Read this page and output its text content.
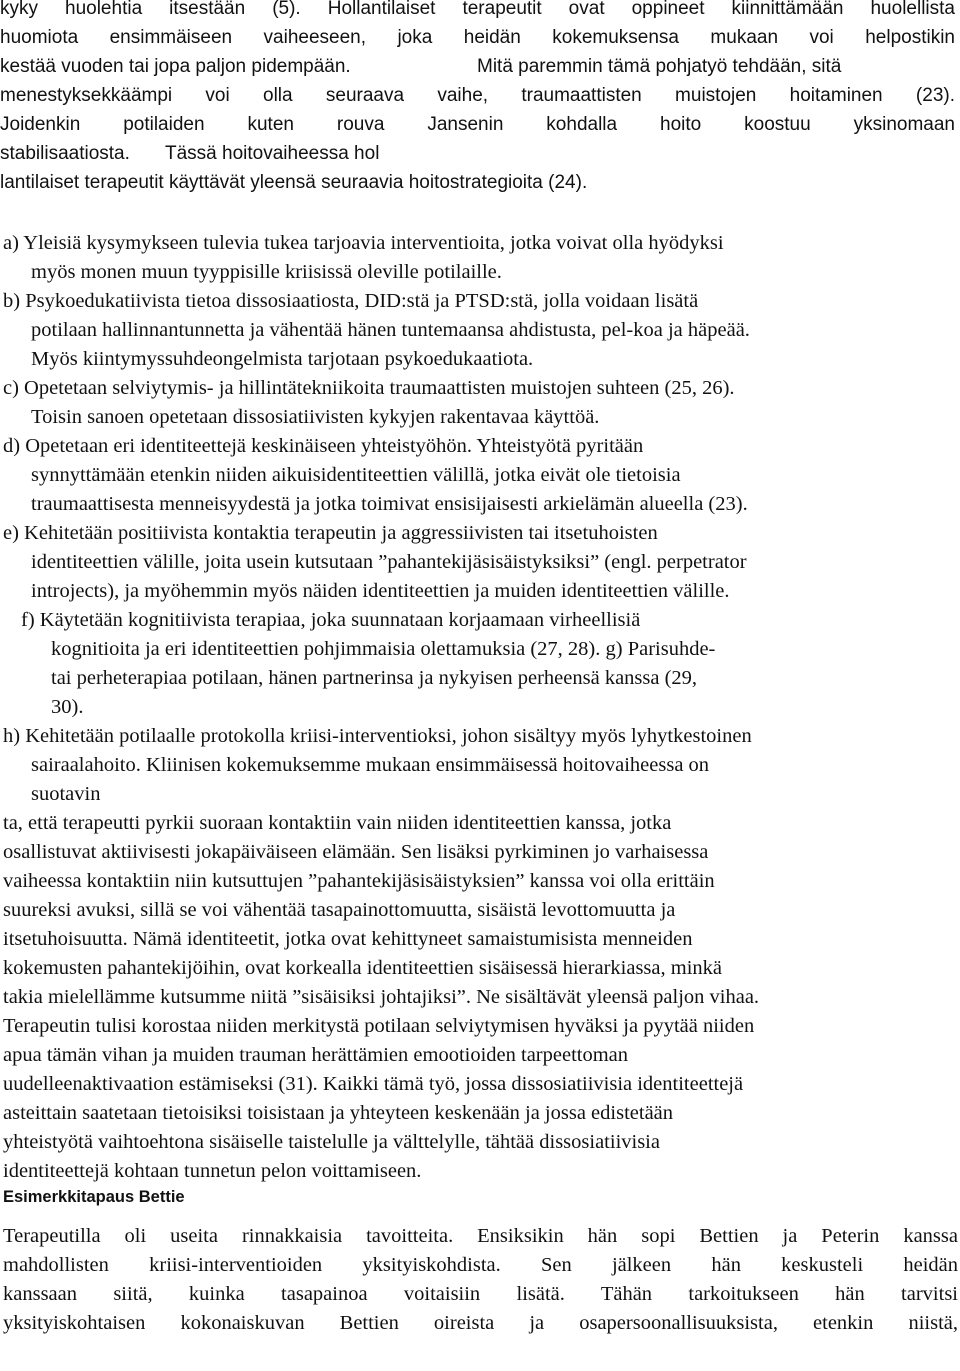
kyky huolehtia itsestään (5). Hollantilaiset terapeutit ovat oppineet kiinnittämään huolellista
huomiota ensimmäiseen vaiheeseen, joka heidän kokemuksensa mukaan voi helpostikin
kestää vuoden tai jopa paljon pidempään.	Mitä paremmin tämä pohjatyö tehdään, sitä
menestyksekkäämpi voi olla seuraava vaihe, traumaattisten muistojen hoitaminen (23).
Joidenkin potilaiden kuten rouva Jansenin kohdalla hoito koostuu yksinomaan
stabilisaatiosta. Tässä hoitovaiheessa hol
lantilaiset terapeutit käyttävät yleensä seuraavia hoitostrategioita (24).
a) Yleisiä kysymykseen tulevia tukea tarjoavia interventioita, jotka voivat olla hyödyksi
myös monen muun tyyppisille kriisissä oleville potilaille.
b) Psykoedukatiivista tietoa dissosiaatiosta, DID:stä ja PTSD:stä, jolla voidaan lisätä
potilaan hallinnantunnetta ja vähentää hänen tuntemaansa ahdistusta, pel-koa ja häpeää.
Myös kiintymyssuhdeongelmista tarjotaan psykoedukaatiota.
c) Opetetaan selviytymis- ja hillintätekniikoita traumaattisten muistojen suhteen (25, 26).
Toisin sanoen opetetaan dissosiatiivisten kykyjen rakentavaa käyttöä.
d) Opetetaan eri identiteettejä keskinäiseen yhteistyöhön. Yhteistyötä pyritään
synnyttämään etenkin niiden aikuisidentiteettien välillä, jotka eivät ole tietoisia
traumaattisesta menneisyydestä ja jotka toimivat ensisijaisesti arkielämän alueella (23).
e) Kehitetään positiivista kontaktia terapeutin ja aggressiivisten tai itsetuhoisten
identiteettien välille, joita usein kutsutaan ”pahantekijäsisäistyksiksi” (engl. perpetrator
introjects), ja myöhemmin myös näiden identiteettien ja muiden identiteettien välille.
f) Käytetään kognitiivista terapiaa, joka suunnataan korjaamaan virheellisiä
kognitioita ja eri identiteettien pohjimmaisia olettamuksia (27, 28). g) Parisuhde-
tai perheterapiaa potilaan, hänen partnerinsa ja nykyisen perheensä kanssa (29,
30).
h) Kehitetään potilaalle protokolla kriisi-interventioksi, johon sisältyy myös lyhytkestoinen
sairaalahoito. Kliinisen kokemuksemme mukaan ensimmäisessä hoitovaiheessa on
suotavin
ta, että terapeutti pyrkii suoraan kontaktiin vain niiden identiteettien kanssa, jotka
osallistuvat aktiivisesti jokapäiväiseen elämään. Sen lisäksi pyrkiminen jo varhaisessa
vaiheessa kontaktiin niin kutsuttujen ”pahantekijäsisäistyksien” kanssa voi olla erittäin
suureksi avuksi, sillä se voi vähentää tasapainottomuutta, sisäistä levottomuutta ja
itsetuhoisuutta. Nämä identiteetit, jotka ovat kehittyneet samaistumisista menneiden
kokemusten pahantekijöihin, ovat korkealla identiteettien sisäisessä hierarkiassa, minkä
takia mielellämme kutsumme niitä ”sisäisiksi johtajiksi”. Ne sisältävät yleensä paljon vihaa.
Terapeutin tulisi korostaa niiden merkitystä potilaan selviytymisen hyväksi ja pyytää niiden
apua tämän vihan ja muiden trauman herättämien emootioiden tarpeettoman
uudelleenaktivaation estämiseksi (31). Kaikki tämä työ, jossa dissosiatiivisia identiteettejä
asteittain saatetaan tietoisiksi toisistaan ja yhteyteen keskenään ja jossa edistetään
yhteistyötä vaihtoehtona sisäiselle taistelulle ja välttelylle, tähtää dissosiatiivisia
identiteettejä kohtaan tunnetun pelon voittamiseen.
Esimerkkitapaus Bettie
Terapeutilla oli useita rinnakkaisia tavoitteita. Ensiksikin hän sopi Bettien ja Peterin kanssa
mahdollisten kriisi-interventioiden yksityiskohdista. Sen jälkeen hän keskusteli heidän
kanssaan siitä, kuinka tasapainoa voitaisiin lisätä. Tähän tarkoitukseen hän tarvitsi
yksityiskohtaisen kokonaiskuvan Bettien oireista ja osapersoonallisuuksista, etenkin niistä,
